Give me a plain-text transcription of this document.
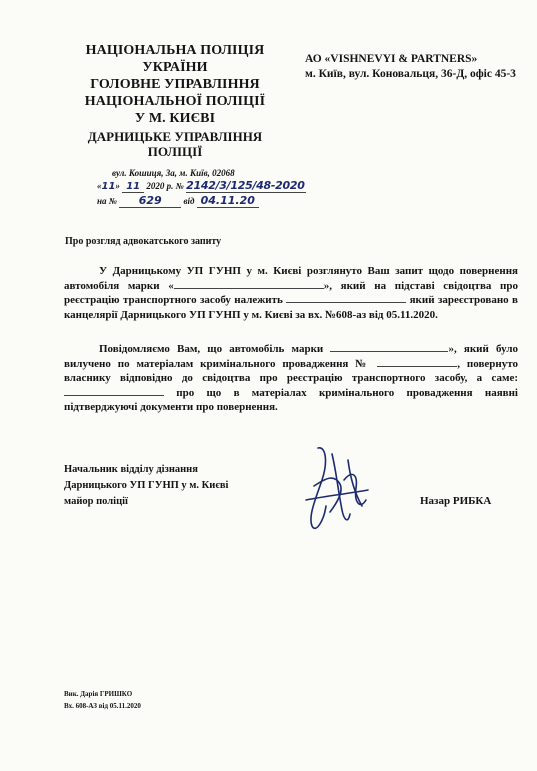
НАЦІОНАЛЬНА ПОЛІЦІЯ
УКРАЇНИ
ГОЛОВНЕ УПРАВЛІННЯ
НАЦІОНАЛЬНОЇ ПОЛІЦІЇ
У М. КИЄВІ
ДАРНИЦЬКЕ УПРАВЛІННЯ
ПОЛІЦІЇ
вул. Кошиця, 3а, м. Київ, 02068
«11» 11 2020 р. № 2142/3/125/48-2020
на № 629 від 04.11.20
АО «VISHNEVYI & PARTNERS»
м. Київ, вул. Коновальця, 36-Д, офіс 45-3
Про розгляд адвокатського запиту
У Дарницькому УП ГУНП у м. Києві розглянуто Ваш запит щодо повернення автомобіля марки «	», який на підставі свідоцтва про реєстрацію транспортного засобу належить	який зареєстровано в канцелярії Дарницького УП ГУНП у м. Києві за вх. №608-аз від 05.11.2020.
Повідомляємо Вам, що автомобіль марки	», який було вилучено по матеріалам кримінального провадження №	, повернуто власнику відповідно до свідоцтва про реєстрацію транспортного засобу, а саме:  про що в матеріалах кримінального провадження наявні підтверджуючі документи про повернення.
Начальник відділу дізнання
Дарницького УП ГУНП у м. Києві
майор поліції	Назар РИБКА
Вик. Дарія ГРИШКО
Вх. 608-АЗ від 05.11.2020
